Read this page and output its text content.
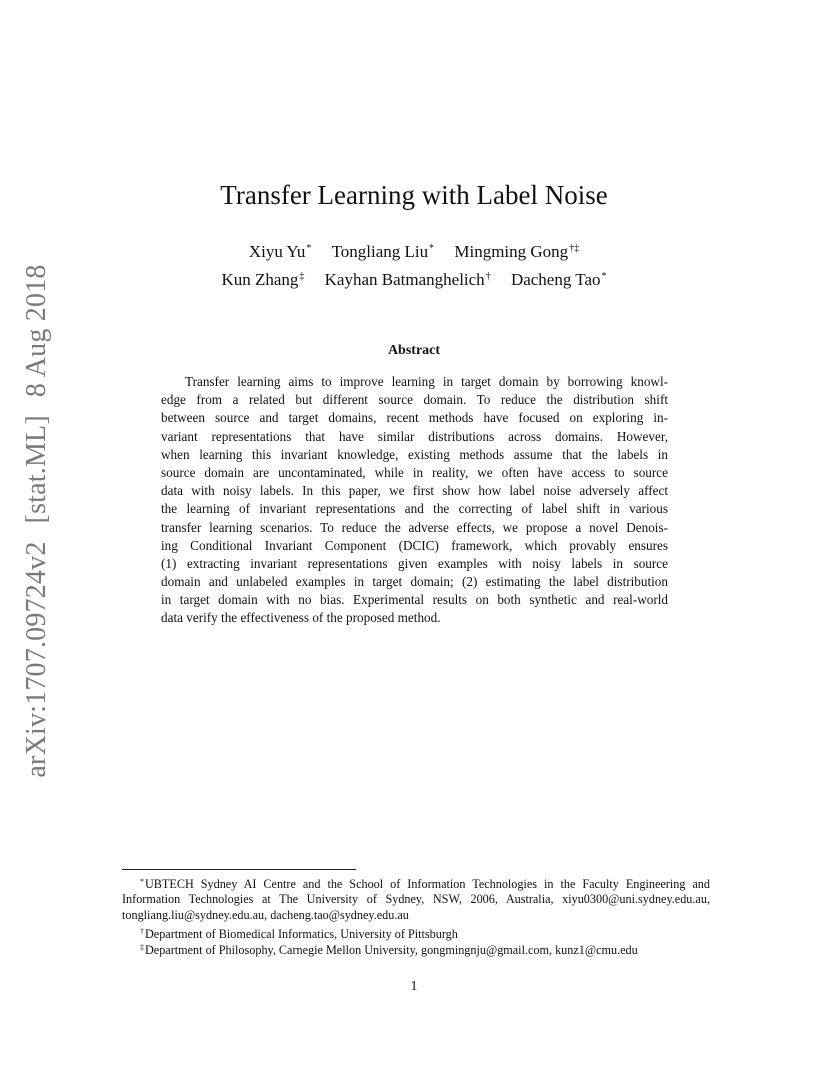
arXiv:1707.09724v2[stat.ML]8 Aug 2018
Transfer Learning with Label Noise
Xiyu Yu* Tongliang Liu* Mingming Gong†‡
Kun Zhang‡ Kayhan Batmanghelich† Dacheng Tao*
Abstract
Transfer learning aims to improve learning in target domain by borrowing knowl-
edge from a related but different source domain. To reduce the distribution shift
between source and target domains, recent methods have focused on exploring in-
variant representations that have similar distributions across domains. However,
when learning this invariant knowledge, existing methods assume that the labels in
source domain are uncontaminated, while in reality, we often have access to source
data with noisy labels. In this paper, we first show how label noise adversely affect
the learning of invariant representations and the correcting of label shift in various
transfer learning scenarios. To reduce the adverse effects, we propose a novel Denois-
ing Conditional Invariant Component (DCIC) framework, which provably ensures
(1) extracting invariant representations given examples with noisy labels in source
domain and unlabeled examples in target domain; (2) estimating the label distribution
in target domain with no bias. Experimental results on both synthetic and real-world
data verify the effectiveness of the proposed method.
*UBTECH Sydney AI Centre and the School of Information Technologies in the Faculty Engineering and
Information Technologies at The University of Sydney, NSW, 2006, Australia, xiyu0300@uni.sydney.edu.au,
tongliang.liu@sydney.edu.au, dacheng.tao@sydney.edu.au
†Department of Biomedical Informatics, University of Pittsburgh
‡Department of Philosophy, Carnegie Mellon University, gongmingnju@gmail.com, kunz1@cmu.edu
1
